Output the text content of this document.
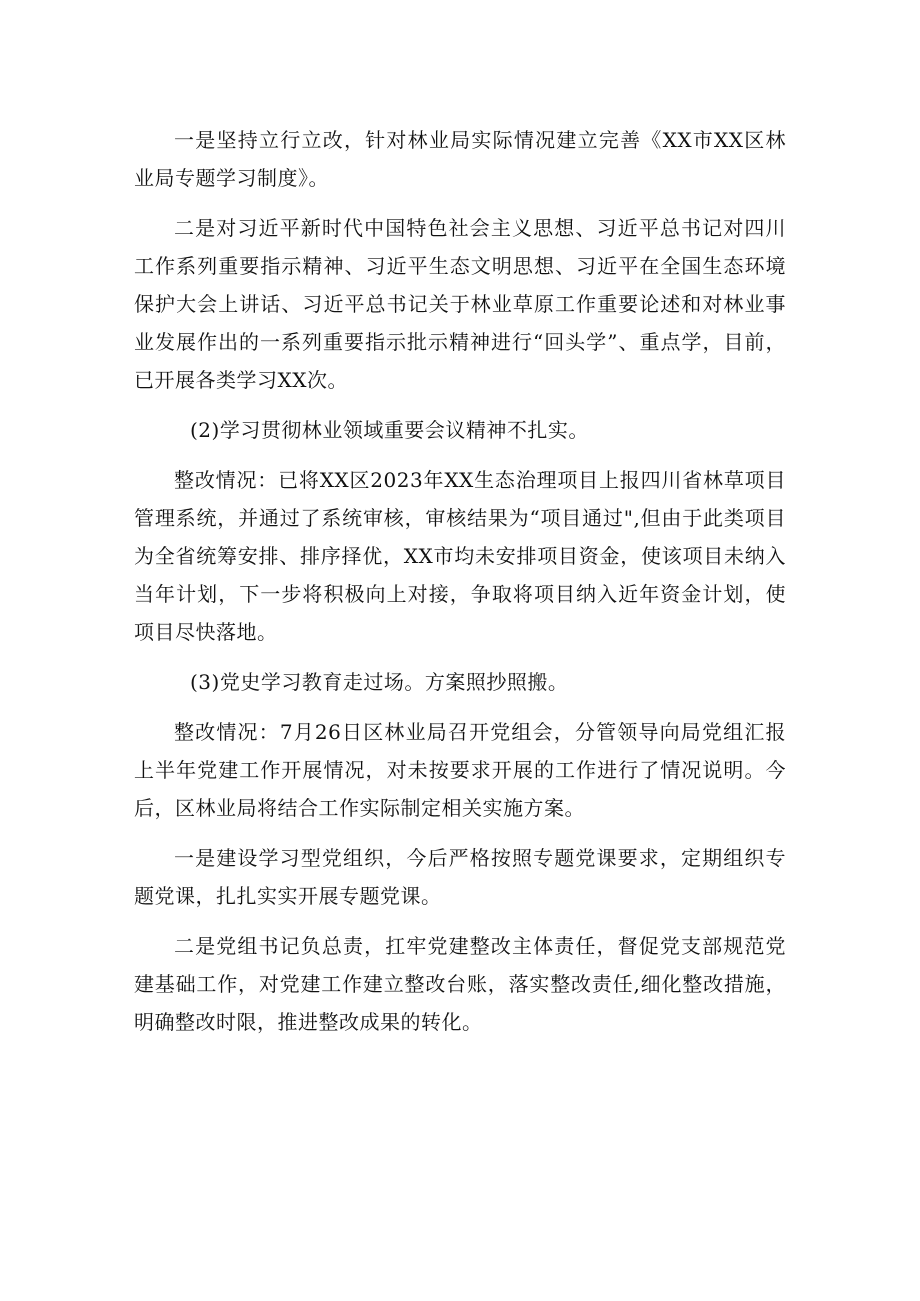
一是坚持立行立改，针对林业局实际情况建立完善《XX市XX区林业局专题学习制度》。

二是对习近平新时代中国特色社会主义思想、习近平总书记对四川工作系列重要指示精神、习近平生态文明思想、习近平在全国生态环境保护大会上讲话、习近平总书记关于林业草原工作重要论述和对林业事业发展作出的一系列重要指示批示精神进行“回头学”、重点学，目前，已开展各类学习XX次。

(2)学习贯彻林业领域重要会议精神不扎实。

整改情况：已将XX区2023年XX生态治理项目上报四川省林草项目管理系统，并通过了系统审核，审核结果为“项目通过",但由于此类项目为全省统筹安排、排序择优，XX市均未安排项目资金，使该项目未纳入当年计划，下一步将积极向上对接，争取将项目纳入近年资金计划，使项目尽快落地。

(3)党史学习教育走过场。方案照抄照搬。

整改情况：7月26日区林业局召开党组会，分管领导向局党组汇报上半年党建工作开展情况，对未按要求开展的工作进行了情况说明。今后，区林业局将结合工作实际制定相关实施方案。

一是建设学习型党组织，今后严格按照专题党课要求，定期组织专题党课，扎扎实实开展专题党课。

二是党组书记负总责，扛牢党建整改主体责任，督促党支部规范党建基础工作，对党建工作建立整改台账，落实整改责任,细化整改措施，明确整改时限，推进整改成果的转化。
